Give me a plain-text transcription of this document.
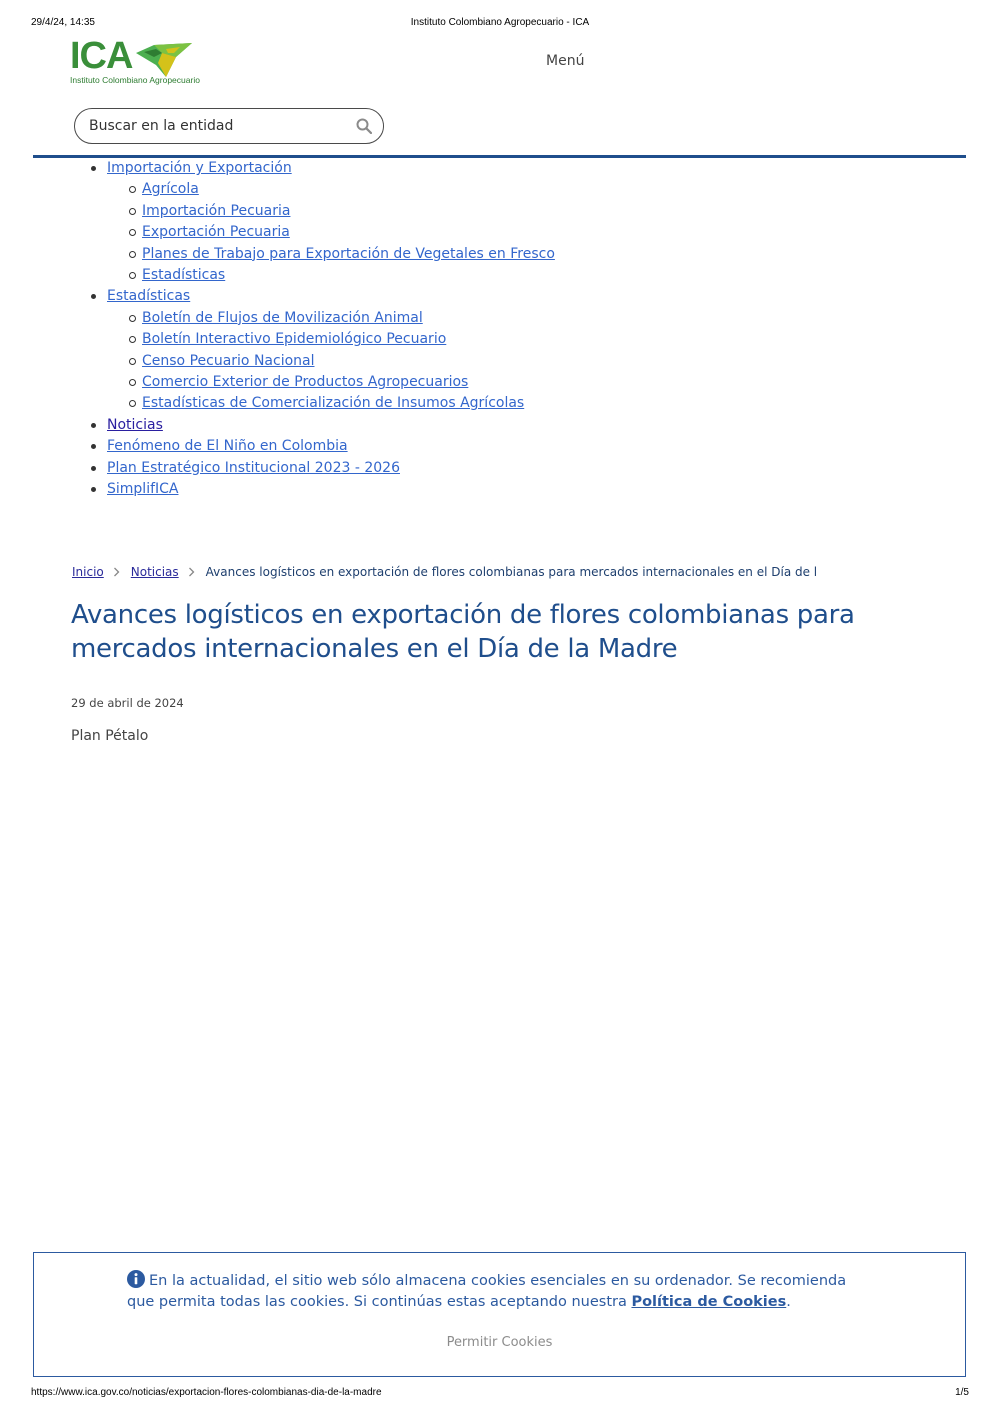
29/4/24, 14:35	Instituto Colombiano Agropecuario - ICA
ICA
Instituto Colombiano Agropecuario
Menú
Buscar en la entidad
Importación y Exportación
Agrícola
Importación Pecuaria
Exportación Pecuaria
Planes de Trabajo para Exportación de Vegetales en Fresco
Estadísticas
Estadísticas
Boletín de Flujos de Movilización Animal
Boletín Interactivo Epidemiológico Pecuario
Censo Pecuario Nacional
Comercio Exterior de Productos Agropecuarios
Estadísticas de Comercialización de Insumos Agrícolas
Noticias
Fenómeno de El Niño en Colombia
Plan Estratégico Institucional 2023 - 2026
SimplifICA
Inicio Noticias Avances logísticos en exportación de flores colombianas para mercados internacionales en el Día de l
Avances logísticos en exportación de flores colombianas para mercados internacionales en el Día de la Madre
29 de abril de 2024
Plan Pétalo
En la actualidad, el sitio web sólo almacena cookies esenciales en su ordenador. Se recomienda que permita todas las cookies. Si continúas estas aceptando nuestra Política de Cookies.
Permitir Cookies
https://www.ica.gov.co/noticias/exportacion-flores-colombianas-dia-de-la-madre	1/5
